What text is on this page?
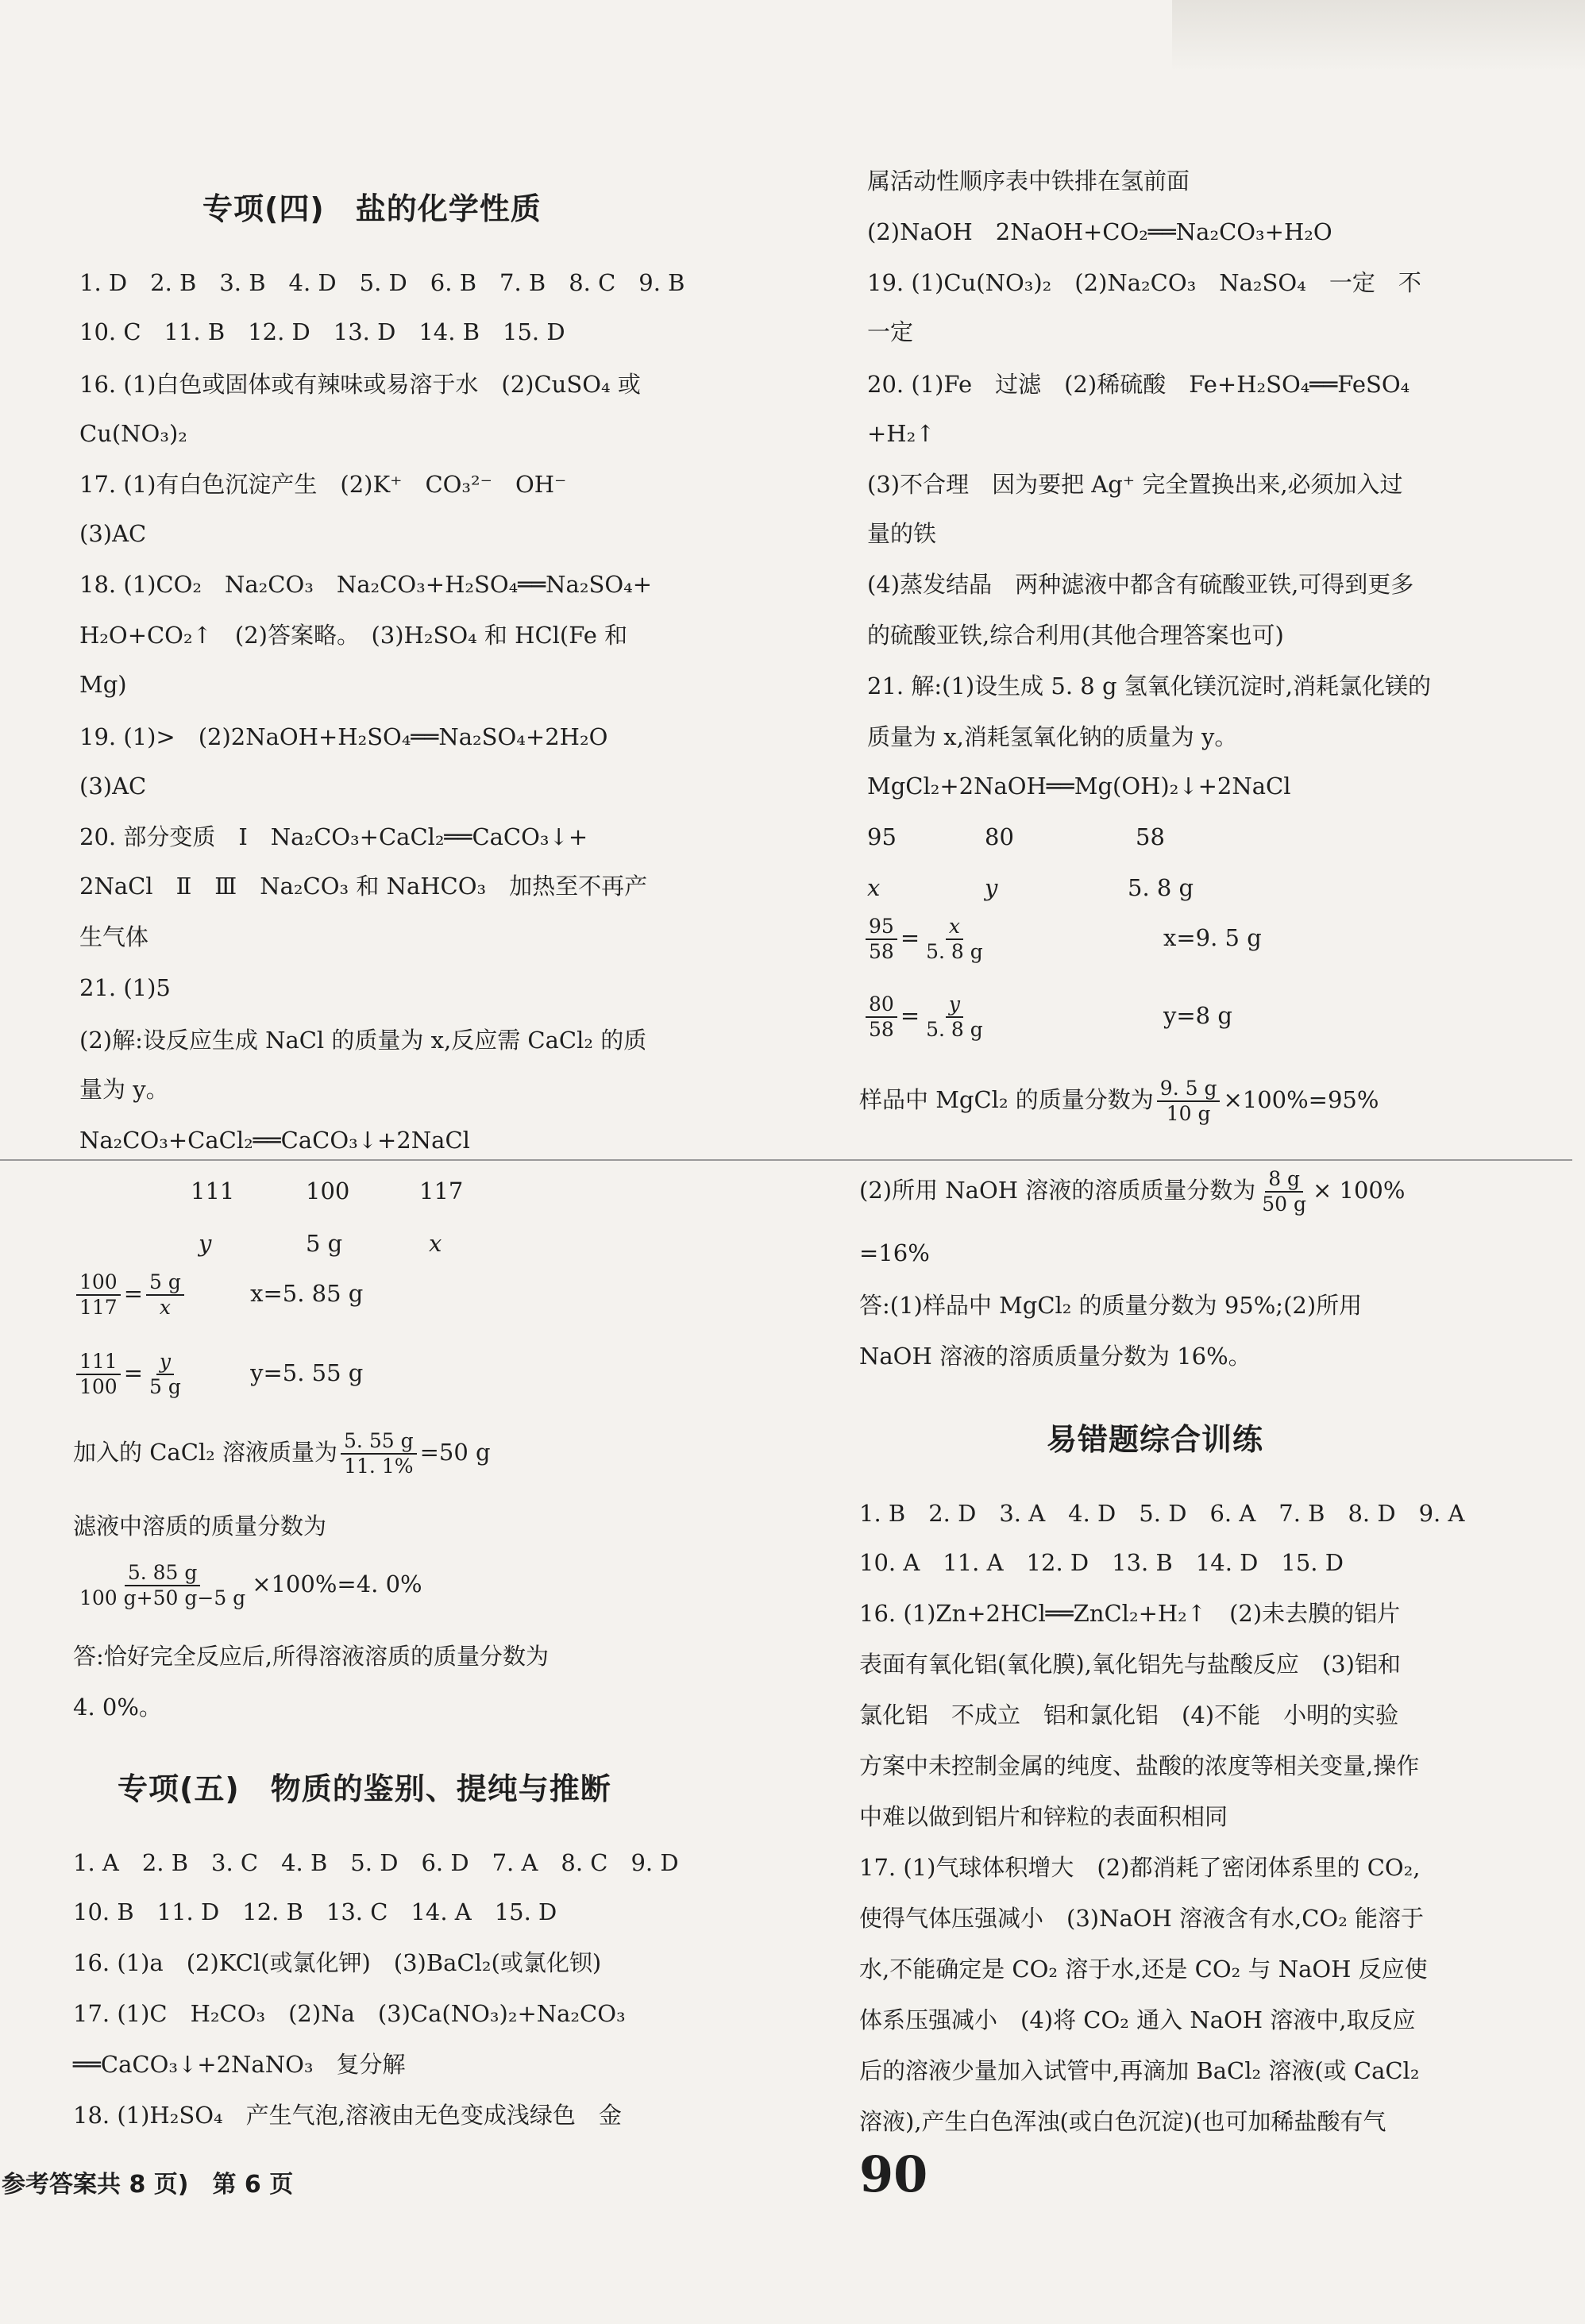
专项(四)　盐的化学性质
1. D　2. B　3. B　4. D　5. D　6. B　7. B　8. C　9. B
10. C　11. B　12. D　13. D　14. B　15. D
16. (1)白色或固体或有辣味或易溶于水　(2)CuSO₄ 或
Cu(NO₃)₂
17. (1)有白色沉淀产生　(2)K⁺　CO₃²⁻　OH⁻
(3)AC
18. (1)CO₂　Na₂CO₃　Na₂CO₃+H₂SO₄══Na₂SO₄+
H₂O+CO₂↑　(2)答案略。　(3)H₂SO₄ 和 HCl(Fe 和
Mg)
19. (1)>　(2)2NaOH+H₂SO₄══Na₂SO₄+2H₂O
(3)AC
20. 部分变质　Ⅰ　Na₂CO₃+CaCl₂══CaCO₃↓+
2NaCl　Ⅱ　Ⅲ　Na₂CO₃ 和 NaHCO₃　加热至不再产
生气体
21. (1)5
(2)解:设反应生成 NaCl 的质量为 x,反应需 CaCl₂ 的质
量为 y。
Na₂CO₃+CaCl₂══CaCO₃↓+2NaCl
111	100	117
y	5 g	x
$\frac{100}{117} = \frac{5 g}{x}$	x=5. 85 g
$\frac{111}{100} = \frac{y}{5 g}$	y=5. 55 g
加入的 CaCl₂ 溶液质量为 $\frac{5. 55 g}{11. 1\%} =50$ g
滤液中溶质的质量分数为
$\frac{5. 85 g}{100 g+50 g-5 g} \times 100\%=4$. 0%
答:恰好完全反应后,所得溶液溶质的质量分数为
4. 0%。
专项(五)　物质的鉴别、提纯与推断
1. A　2. B　3. C　4. B　5. D　6. D　7. A　8. C　9. D
10. B　11. D　12. B　13. C　14. A　15. D
16. (1)a　(2)KCl(或氯化钾)　(3)BaCl₂(或氯化钡)
17. (1)C　H₂CO₃　(2)Na　(3)Ca(NO₃)₂+Na₂CO₃
══CaCO₃↓+2NaNO₃　复分解
18. (1)H₂SO₄　产生气泡,溶液由无色变成浅绿色　金
属活动性顺序表中铁排在氢前面
(2)NaOH　2NaOH+CO₂══Na₂CO₃+H₂O
19. (1)Cu(NO₃)₂　(2)Na₂CO₃　Na₂SO₄　一定　不
一定
20. (1)Fe　过滤　(2)稀硫酸　Fe+H₂SO₄══FeSO₄
+H₂↑
(3)不合理　因为要把 Ag⁺ 完全置换出来,必须加入过
量的铁
(4)蒸发结晶　两种滤液中都含有硫酸亚铁,可得到更多
的硫酸亚铁,综合利用(其他合理答案也可)
21. 解:(1)设生成 5. 8 g 氢氧化镁沉淀时,消耗氯化镁的
质量为 x,消耗氢氧化钠的质量为 y。
MgCl₂+2NaOH══Mg(OH)₂↓+2NaCl
95	80	58
x	y	5. 8 g
$\frac{95}{58} = \frac{x}{5. 8 g}$	x=9. 5 g
$\frac{80}{58} = \frac{y}{5. 8 g}$	y=8 g
样品中 MgCl₂ 的质量分数为 $\frac{9. 5 g}{10 g} \times 100\%=95\%$
(2)所用 NaOH 溶液的溶质质量分数为 $\frac{8 g}{50 g} \times 100\%$
=16%
答:(1)样品中 MgCl₂ 的质量分数为 95%;(2)所用
NaOH 溶液的溶质质量分数为 16%。
易错题综合训练
1. B　2. D　3. A　4. D　5. D　6. A　7. B　8. D　9. A
10. A　11. A　12. D　13. B　14. D　15. D
16. (1)Zn+2HCl══ZnCl₂+H₂↑　(2)未去膜的铝片
表面有氧化铝(氧化膜),氧化铝先与盐酸反应　(3)铝和
氯化铝　不成立　铝和氯化铝　(4)不能　小明的实验
方案中未控制金属的纯度、盐酸的浓度等相关变量,操作
中难以做到铝片和锌粒的表面积相同
17. (1)气球体积增大　(2)都消耗了密闭体系里的 CO₂,
使得气体压强减小　(3)NaOH 溶液含有水,CO₂ 能溶于
水,不能确定是 CO₂ 溶于水,还是 CO₂ 与 NaOH 反应使
体系压强减小　(4)将 CO₂ 通入 NaOH 溶液中,取反应
后的溶液少量加入试管中,再滴加 BaCl₂ 溶液(或 CaCl₂
溶液),产生白色浑浊(或白色沉淀)(也可加稀盐酸有气
参考答案共 8 页)　第 6 页	90
